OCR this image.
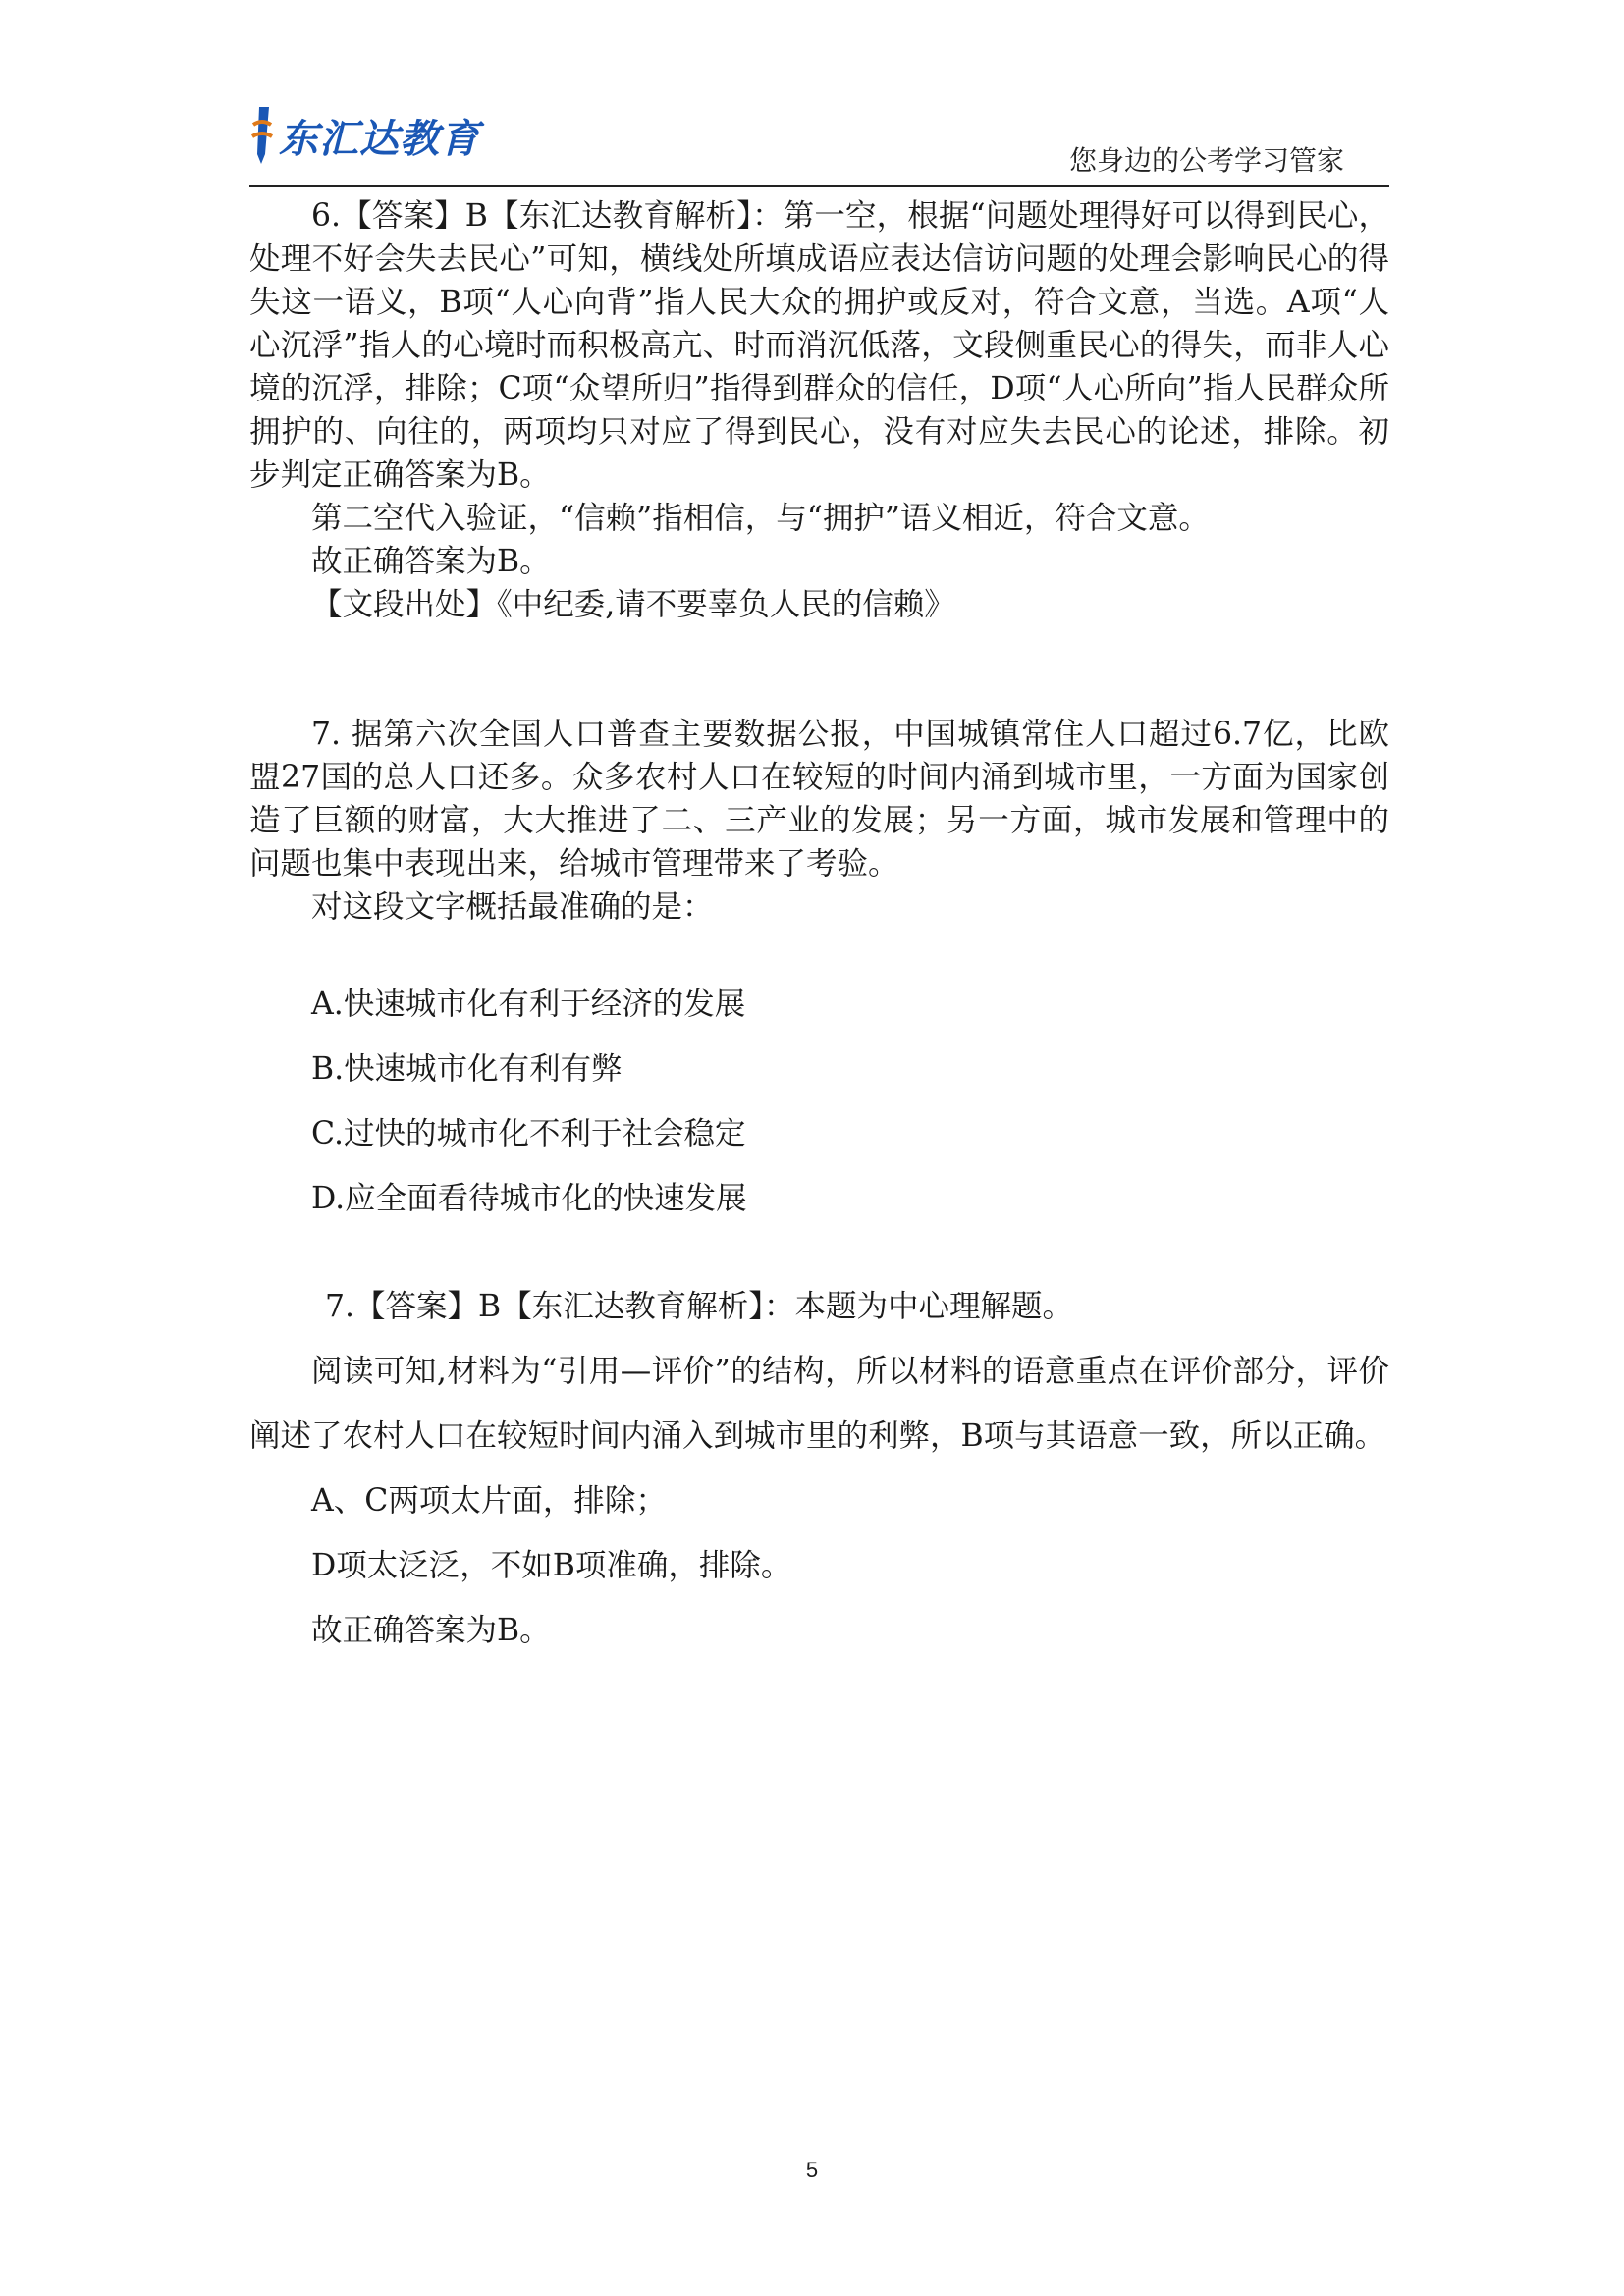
东汇达教育	您身边的公考学习管家

6.【答案】B【东汇达教育解析】：第一空，根据“问题处理得好可以得到民心，处理不好会失去民心”可知，横线处所填成语应表达信访问题的处理会影响民心的得失这一语义，B项“人心向背”指人民大众的拥护或反对，符合文意，当选。A项“人心沉浮”指人的心境时而积极高亢、时而消沉低落，文段侧重民心的得失，而非人心境的沉浮，排除；C项“众望所归”指得到群众的信任，D项“人心所向”指人民群众所拥护的、向往的，两项均只对应了得到民心，没有对应失去民心的论述，排除。初步判定正确答案为B。

第二空代入验证，“信赖”指相信，与“拥护”语义相近，符合文意。

故正确答案为B。

【文段出处】《中纪委,请不要辜负人民的信赖》

7. 据第六次全国人口普查主要数据公报，中国城镇常住人口超过6.7亿，比欧盟27国的总人口还多。众多农村人口在较短的时间内涌到城市里，一方面为国家创造了巨额的财富，大大推进了二、三产业的发展；另一方面，城市发展和管理中的问题也集中表现出来，给城市管理带来了考验。

对这段文字概括最准确的是：

A.快速城市化有利于经济的发展

B.快速城市化有利有弊

C.过快的城市化不利于社会稳定

D.应全面看待城市化的快速发展

7.【答案】B【东汇达教育解析】：本题为中心理解题。

阅读可知,材料为“引用—评价”的结构，所以材料的语意重点在评价部分，评价阐述了农村人口在较短时间内涌入到城市里的利弊，B项与其语意一致，所以正确。

A、C两项太片面，排除；

D项太泛泛，不如B项准确，排除。

故正确答案为B。

5
